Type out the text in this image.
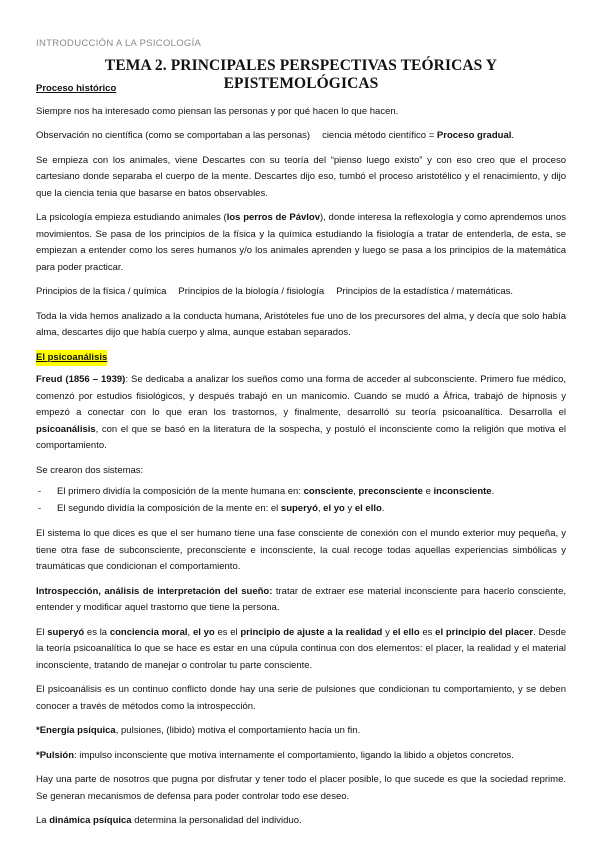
INTRODUCCIÓN A LA PSICOLOGÍA
TEMA 2. PRINCIPALES PERSPECTIVAS TEÓRICAS Y EPISTEMOLÓGICAS
Proceso histórico

Siempre nos ha interesado como piensan las personas y por qué hacen lo que hacen.

Observación no científica (como se comportaban a las personas) ciencia método científico = Proceso gradual.

Se empieza con los animales, viene Descartes con su teoría del “pienso luego existo” y con eso creo que el proceso cartesiano donde separaba el cuerpo de la mente. Descartes dijo eso, tumbó el proceso aristotélico y el renacimiento, y dijo que la ciencia tenia que basarse en batos observables.

La psicología empieza estudiando animales (los perros de Pávlov), donde interesa la reflexología y como aprendemos unos movimientos. Se pasa de los principios de la física y la química estudiando la fisiología a tratar de entenderla, de esta, se empiezan a entender como los seres humanos y/o los animales aprenden y luego se pasa a los principios de la matemática para poder practicar.

Principios de la física / química Principios de la biología / fisiología Principios de la estadística / matemáticas.

Toda la vida hemos analizado a la conducta humana, Aristóteles fue uno de los precursores del alma, y decía que solo había alma, descartes dijo que había cuerpo y alma, aunque estaban separados.

El psicoanálisis

Freud (1856 – 1939): Se dedicaba a analizar los sueños como una forma de acceder al subconsciente. Primero fue médico, comenzó por estudios fisiológicos, y después trabajó en un manicomio. Cuando se mudó a África, trabajó de hipnosis y empezó a conectar con lo que eran los trastornos, y finalmente, desarrolló su teoría psicoanalítica. Desarrolla el psicoanálisis, con el que se basó en la literatura de la sospecha, y postuló el inconsciente como la religión que motiva el comportamiento.

Se crearon dos sistemas:

- El primero dividía la composición de la mente humana en: consciente, preconsciente e inconsciente.
- El segundo dividía la composición de la mente en: el superyó, el yo y el ello.

El sistema lo que dices es que el ser humano tiene una fase consciente de conexión con el mundo exterior muy pequeña, y tiene otra fase de subconsciente, preconsciente e inconsciente, la cual recoge todas aquellas experiencias simbólicas y traumáticas que condicionan el comportamiento.

Introspección, análisis de interpretación del sueño: tratar de extraer ese material inconsciente para hacerlo consciente, entender y modificar aquel trastorno que tiene la persona.

El superyó es la conciencia moral, el yo es el principio de ajuste a la realidad y el ello es el principio del placer. Desde la teoría psicoanalítica lo que se hace es estar en una cúpula continua con dos elementos: el placer, la realidad y el material inconsciente, tratando de manejar o controlar tu parte consciente.

El psicoanálisis es un continuo conflicto donde hay una serie de pulsiones que condicionan tu comportamiento, y se deben conocer a través de métodos como la introspección.

*Energía psíquica, pulsiones, (libido) motiva el comportamiento hacia un fin.

*Pulsión: impulso inconsciente que motiva internamente el comportamiento, ligando la libido a objetos concretos.

Hay una parte de nosotros que pugna por disfrutar y tener todo el placer posible, lo que sucede es que la sociedad reprime. Se generan mecanismos de defensa para poder controlar todo ese deseo.

La dinámica psíquica determina la personalidad del individuo.
